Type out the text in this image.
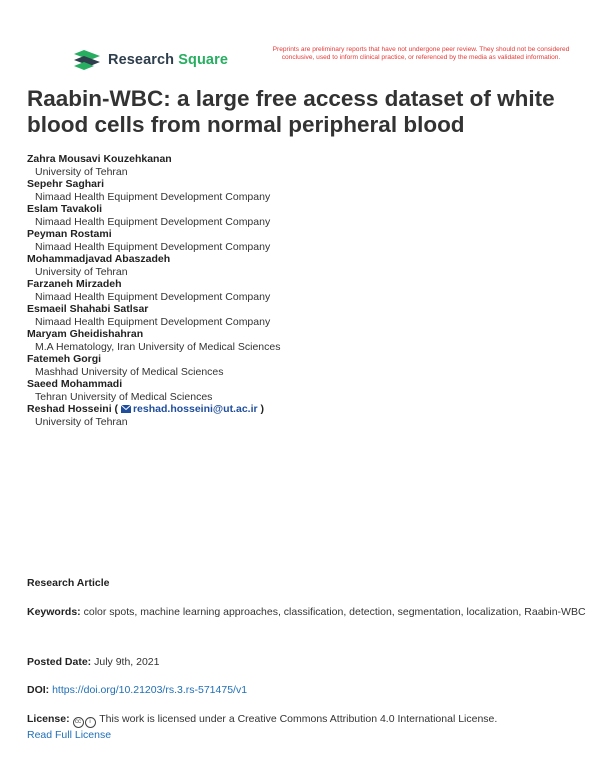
Research Square
Preprints are preliminary reports that have not undergone peer review. They should not be considered conclusive, used to inform clinical practice, or referenced by the media as validated information.
Raabin-WBC: a large free access dataset of white blood cells from normal peripheral blood
Zahra Mousavi Kouzehkanan
University of Tehran
Sepehr Saghari
Nimaad Health Equipment Development Company
Eslam Tavakoli
Nimaad Health Equipment Development Company
Peyman Rostami
Nimaad Health Equipment Development Company
Mohammadjavad Abaszadeh
University of Tehran
Farzaneh Mirzadeh
Nimaad Health Equipment Development Company
Esmaeil Shahabi Satlsar
Nimaad Health Equipment Development Company
Maryam Gheidishahran
M.A Hematology, Iran University of Medical Sciences
Fatemeh Gorgi
Mashhad University of Medical Sciences
Saeed Mohammadi
Tehran University of Medical Sciences
Reshad Hosseini ( reshad.hosseini@ut.ac.ir )
University of Tehran
Research Article
Keywords: color spots, machine learning approaches, classification, detection, segmentation, localization, Raabin-WBC
Posted Date: July 9th, 2021
DOI: https://doi.org/10.21203/rs.3.rs-571475/v1
License: cc i This work is licensed under a Creative Commons Attribution 4.0 International License.
Read Full License
